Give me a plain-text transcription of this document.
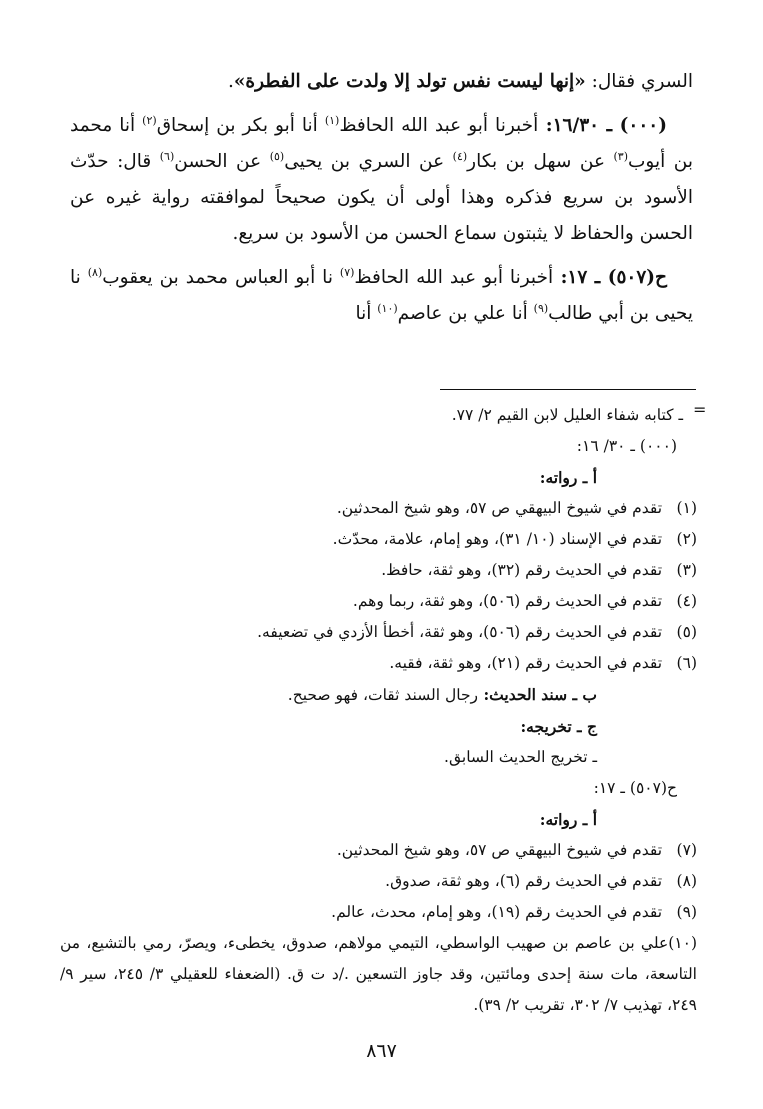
السري فقال: «إنها ليست نفس تولد إلا ولدت على الفطرة».

(٠٠٠) ـ ١٦/٣٠: أخبرنا أبو عبد الله الحافظ$^{(١)}$ أنا أبو بكر بن إسحاق$^{(٢)}$ أنا محمد بن أيوب$^{(٣)}$ عن سهل بن بكار$^{(٤)}$ عن السري بن يحيى$^{(٥)}$ عن الحسن$^{(٦)}$ قال: حدّث الأسود بن سريع فذكره وهذا أولى أن يكون صحيحاً لموافقته رواية غيره عن الحسن والحفاظ لا يثبتون سماع الحسن من الأسود بن سريع.

ح(٥٠٧) ـ ١٧: أخبرنا أبو عبد الله الحافظ$^{(٧)}$ نا أبو العباس محمد بن يعقوب$^{(٨)}$ نا يحيى بن أبي طالب$^{(٩)}$ أنا علي بن عاصم$^{(١٠)}$ أنا

=
ـ كتابه شفاء العليل لابن القيم ٢/ ٧٧.
(٠٠٠) ـ ٣٠/ ١٦:
أ ـ رواته:
(١) تقدم في شيوخ البيهقي ص ٥٧، وهو شيخ المحدثين.
(٢) تقدم في الإسناد (١٠/ ٣١)، وهو إمام، علامة، محدّث.
(٣) تقدم في الحديث رقم (٣٢)، وهو ثقة، حافظ.
(٤) تقدم في الحديث رقم (٥٠٦)، وهو ثقة، ربما وهم.
(٥) تقدم في الحديث رقم (٥٠٦)، وهو ثقة، أخطأ الأزدي في تضعيفه.
(٦) تقدم في الحديث رقم (٢١)، وهو ثقة، فقيه.
ب ـ سند الحديث: رجال السند ثقات، فهو صحيح.
ج ـ تخريجه:
ـ تخريج الحديث السابق.
ح(٥٠٧) ـ ١٧:
أ ـ رواته:
(٧) تقدم في شيوخ البيهقي ص ٥٧، وهو شيخ المحدثين.
(٨) تقدم في الحديث رقم (٦)، وهو ثقة، صدوق.
(٩) تقدم في الحديث رقم (١٩)، وهو إمام، محدث، عالم.
(١٠)علي بن عاصم بن صهيب الواسطي، التيمي مولاهم، صدوق، يخطىء، ويصرّ، رمي بالتشيع، من التاسعة، مات سنة إحدى ومائتين، وقد جاوز التسعين ./د ت ق. (الضعفاء للعقيلي ٣/ ٢٤٥، سير ٩/ ٢٤٩، تهذيب ٧/ ٣٠٢، تقريب ٢/ ٣٩).
٨٦٧
